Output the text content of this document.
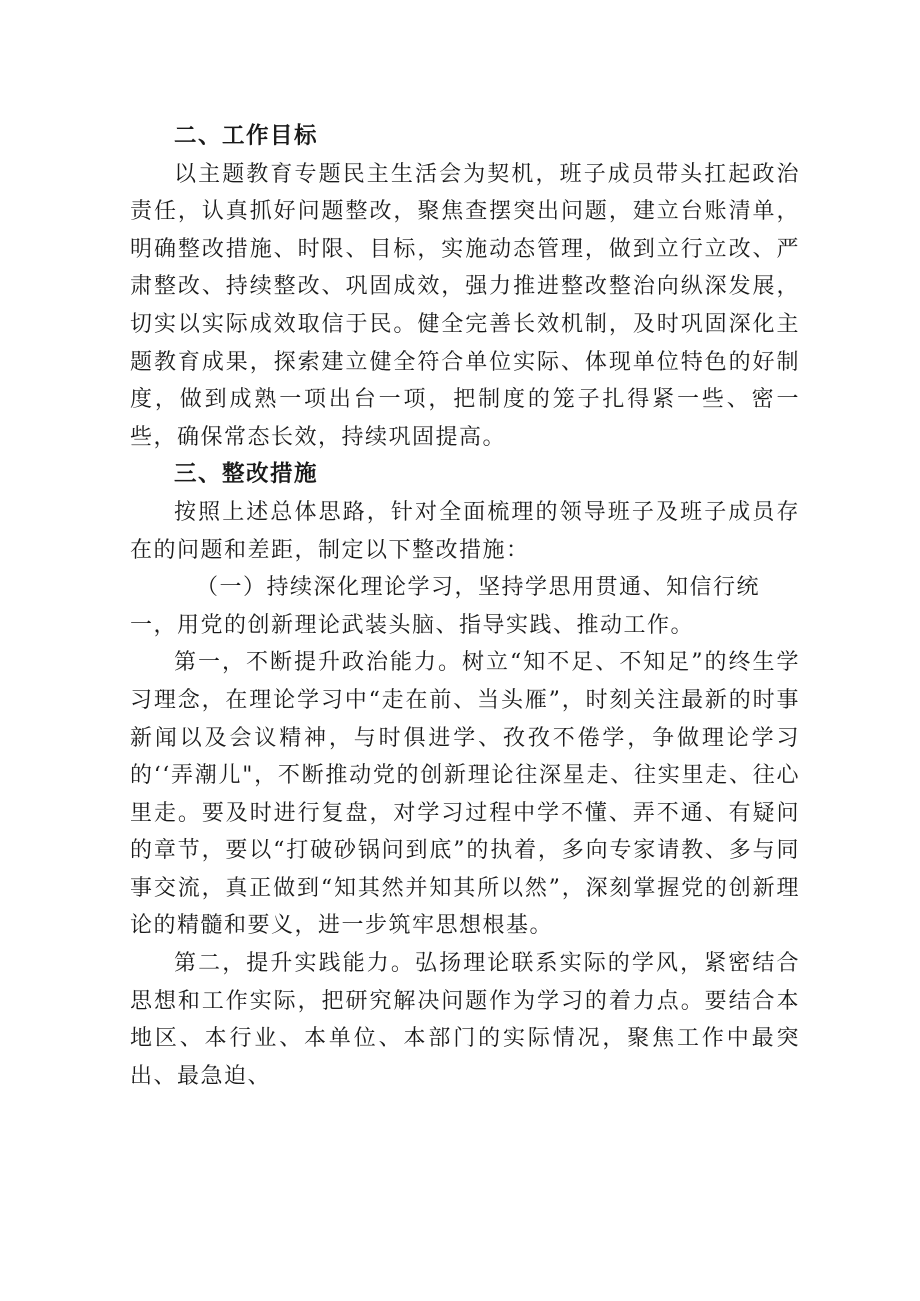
二、工作目标

以主题教育专题民主生活会为契机，班子成员带头扛起政治责任，认真抓好问题整改，聚焦查摆突出问题，建立台账清单，明确整改措施、时限、目标，实施动态管理，做到立行立改、严肃整改、持续整改、巩固成效，强力推进整改整治向纵深发展，切实以实际成效取信于民。健全完善长效机制，及时巩固深化主题教育成果，探索建立健全符合单位实际、体现单位特色的好制度，做到成熟一项出台一项，把制度的笼子扎得紧一些、密一些，确保常态长效，持续巩固提高。

三、整改措施

按照上述总体思路，针对全面梳理的领导班子及班子成员存在的问题和差距，制定以下整改措施：

（一）持续深化理论学习，坚持学思用贯通、知信行统一，用党的创新理论武装头脑、指导实践、推动工作。

第一，不断提升政治能力。树立“知不足、不知足”的终生学习理念，在理论学习中“走在前、当头雁”，时刻关注最新的时事新闻以及会议精神，与时俱进学、孜孜不倦学，争做理论学习的‘‘弄潮儿"，不断推动党的创新理论往深星走、往实里走、往心里走。要及时进行复盘，对学习过程中学不懂、弄不通、有疑问的章节，要以“打破砂锅问到底”的执着，多向专家请教、多与同事交流，真正做到“知其然并知其所以然”，深刻掌握党的创新理论的精髓和要义，进一步筑牢思想根基。

第二，提升实践能力。弘扬理论联系实际的学风，紧密结合思想和工作实际，把研究解决问题作为学习的着力点。要结合本地区、本行业、本单位、本部门的实际情况，聚焦工作中最突出、最急迫、
